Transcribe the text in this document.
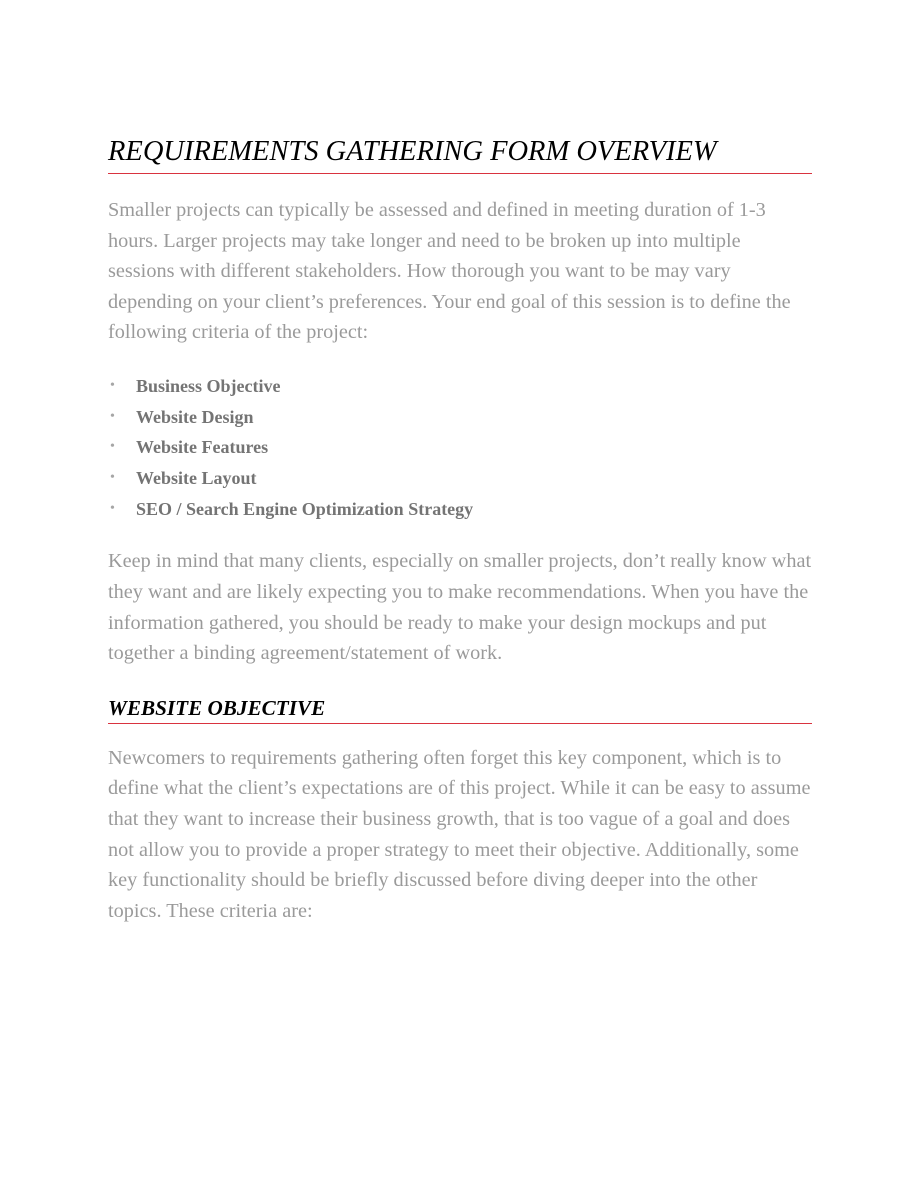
REQUIREMENTS GATHERING FORM OVERVIEW

Smaller projects can typically be assessed and defined in meeting duration of 1-3 hours. Larger projects may take longer and need to be broken up into multiple sessions with different stakeholders. How thorough you want to be may vary depending on your client’s preferences. Your end goal of this session is to define the following criteria of the project:

• Business Objective
• Website Design
• Website Features
• Website Layout
• SEO / Search Engine Optimization Strategy

Keep in mind that many clients, especially on smaller projects, don’t really know what they want and are likely expecting you to make recommendations. When you have the information gathered, you should be ready to make your design mockups and put together a binding agreement/statement of work.

WEBSITE OBJECTIVE

Newcomers to requirements gathering often forget this key component, which is to define what the client’s expectations are of this project. While it can be easy to assume that they want to increase their business growth, that is too vague of a goal and does not allow you to provide a proper strategy to meet their objective. Additionally, some key functionality should be briefly discussed before diving deeper into the other topics. These criteria are:
